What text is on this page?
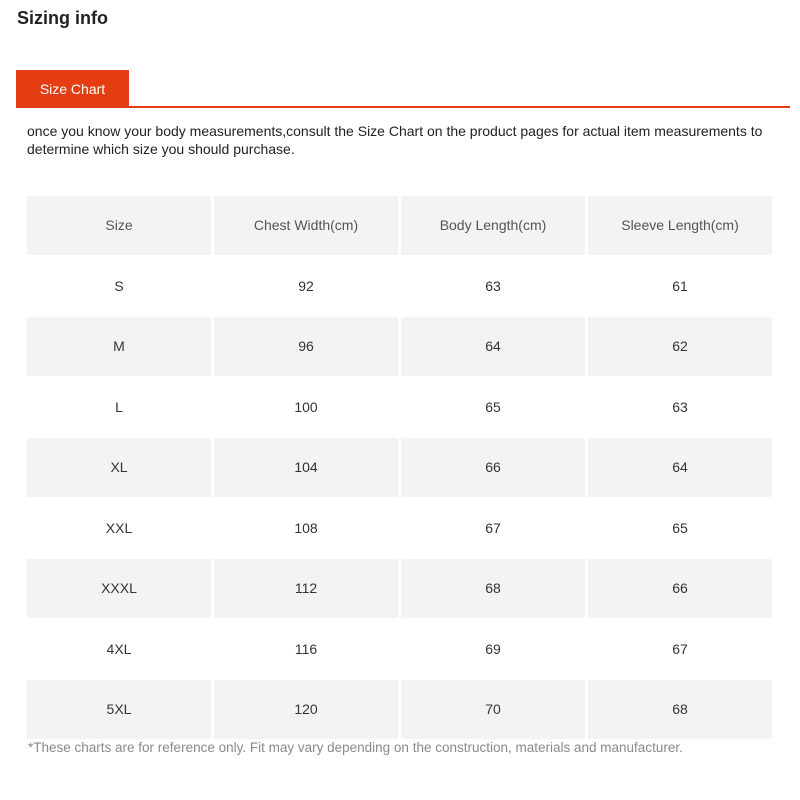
Sizing info
Size Chart

once you know your body measurements,consult the Size Chart on the product pages for actual item measurements to determine which size you should purchase.

Size	Chest Width(cm)	Body Length(cm)	Sleeve Length(cm)
S	92	63	61
M	96	64	62
L	100	65	63
XL	104	66	64
XXL	108	67	65
XXXL	112	68	66
4XL	116	69	67
5XL	120	70	68

*These charts are for reference only. Fit may vary depending on the construction, materials and manufacturer.
